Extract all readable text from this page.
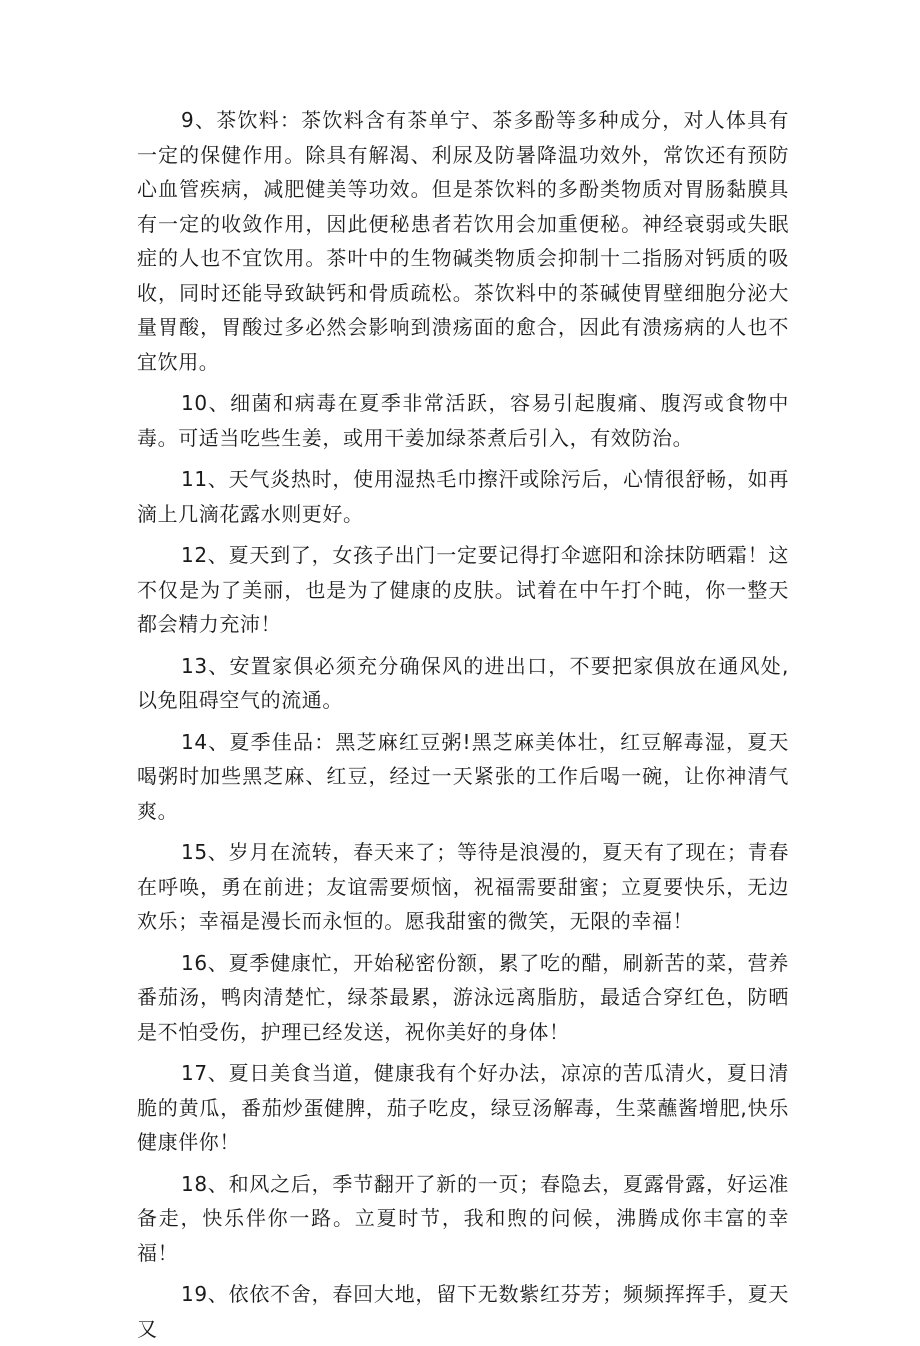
9、茶饮料：茶饮料含有茶单宁、茶多酚等多种成分，对人体具有一定的保健作用。除具有解渴、利尿及防暑降温功效外，常饮还有预防心血管疾病，减肥健美等功效。但是茶饮料的多酚类物质对胃肠黏膜具有一定的收敛作用，因此便秘患者若饮用会加重便秘。神经衰弱或失眠症的人也不宜饮用。茶叶中的生物碱类物质会抑制十二指肠对钙质的吸收，同时还能导致缺钙和骨质疏松。茶饮料中的茶碱使胃壁细胞分泌大量胃酸，胃酸过多必然会影响到溃疡面的愈合，因此有溃疡病的人也不宜饮用。

10、细菌和病毒在夏季非常活跃，容易引起腹痛、腹泻或食物中毒。可适当吃些生姜，或用干姜加绿茶煮后引入，有效防治。

11、天气炎热时，使用湿热毛巾擦汗或除污后，心情很舒畅，如再滴上几滴花露水则更好。

12、夏天到了，女孩子出门一定要记得打伞遮阳和涂抹防晒霜！这不仅是为了美丽，也是为了健康的皮肤。试着在中午打个盹，你一整天都会精力充沛！

13、安置家俱必须充分确保风的进出口，不要把家俱放在通风处,以免阻碍空气的流通。

14、夏季佳品：黑芝麻红豆粥!黑芝麻美体壮，红豆解毒湿，夏天喝粥时加些黑芝麻、红豆，经过一天紧张的工作后喝一碗，让你神清气爽。

15、岁月在流转，春天来了；等待是浪漫的，夏天有了现在；青春在呼唤，勇在前进；友谊需要烦恼，祝福需要甜蜜；立夏要快乐，无边欢乐；幸福是漫长而永恒的。愿我甜蜜的微笑，无限的幸福！

16、夏季健康忙，开始秘密份额，累了吃的醋，刷新苦的菜，营养番茄汤，鸭肉清楚忙，绿茶最累，游泳远离脂肪，最适合穿红色，防晒是不怕受伤，护理已经发送，祝你美好的身体！

17、夏日美食当道，健康我有个好办法，凉凉的苦瓜清火，夏日清脆的黄瓜，番茄炒蛋健脾，茄子吃皮，绿豆汤解毒，生菜蘸酱增肥,快乐健康伴你！

18、和风之后，季节翻开了新的一页；春隐去，夏露骨露，好运准备走，快乐伴你一路。立夏时节，我和煦的问候，沸腾成你丰富的幸福！

19、依依不舍，春回大地，留下无数紫红芬芳；频频挥挥手，夏天又
